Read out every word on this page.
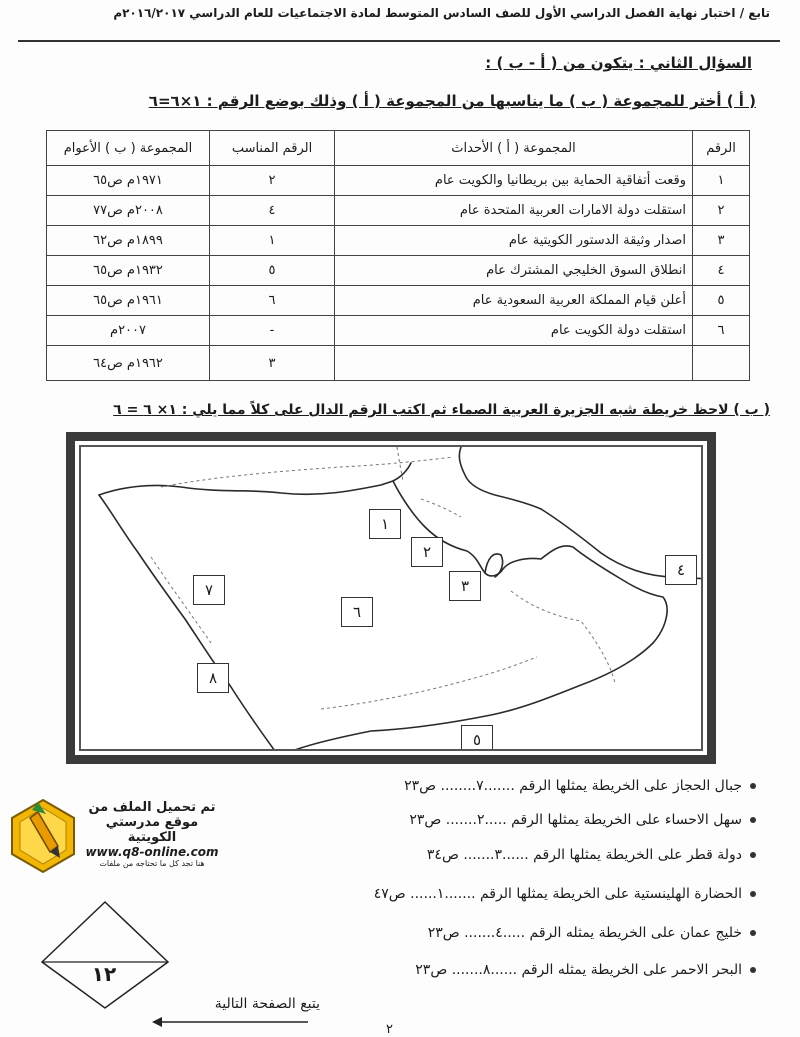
تابع / اختبار نهاية الفصل الدراسي الأول للصف السادس المتوسط لمادة الاجتماعيات للعام الدراسي ٢٠١٦/٢٠١٧م
السؤال الثاني : يتكون من ( أ - ب ) :
( أ ) أختر للمجموعة ( ب ) ما يناسبها من المجموعة ( أ ) وذلك بوضع الرقم : ١×٦=٦
الرقم	المجموعة ( أ ) الأحداث	الرقم المناسب	المجموعة ( ب ) الأعوام
١	وقعت أتفاقية الحماية بين بريطانيا والكويت عام	٢	١٩٧١م ص٦٥
٢	استقلت دولة الامارات العربية المتحدة عام	٤	٢٠٠٨م ص٧٧
٣	اصدار وثيقة الدستور الكويتية عام	١	١٨٩٩م ص٦٢
٤	انطلاق السوق الخليجي المشترك عام	٥	١٩٣٢م ص٦٥
٥	أعلن قيام المملكة العربية السعودية عام	٦	١٩٦١م ص٦٥
٦	استقلت دولة الكويت عام	-	٢٠٠٧م
		٣	١٩٦٢م ص٦٤
( ب ) لاحظ خريطة شبه الجزيرة العربية الصماء ثم اكتب الرقم الدال على كلاً مما يلي : ١× ٦ = ٦
١
٢
٣
٤
٥
٦
٧
٨
جبال الحجاز على الخريطة يمثلها الرقم .......٧........ ص٢٣
سهل الاحساء على الخريطة يمثلها الرقم .....٢....... ص٢٣
دولة قطر على الخريطة يمثلها الرقم ......٣....... ص٣٤
الحضارة الهلينستية على الخريطة يمثلها الرقم .......١...... ص٤٧
خليج عمان على الخريطة يمثله الرقم .....٤....... ص٢٣
البحر الاحمر على الخريطة يمثله الرقم ......٨....... ص٢٣
تم تحميل الملف من
موقع مدرستي الكويتية
www.q8-online.com
هنا تجد كل ما تحتاجه من ملفات
١٢
يتبع الصفحة التالية
٢
